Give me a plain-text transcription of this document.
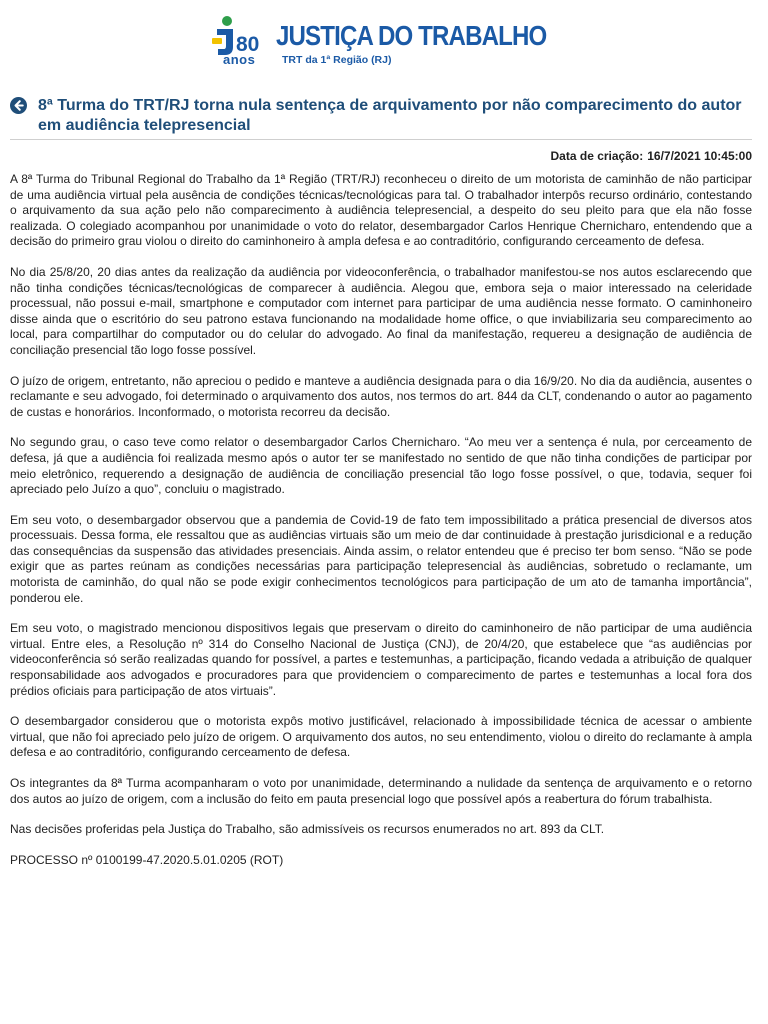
80
anos
JUSTIÇA DO TRABALHO
TRT da 1ª Região (RJ)
8ª Turma do TRT/RJ torna nula sentença de arquivamento por não comparecimento do autor em audiência telepresencial
Data de criação: 16/7/2021 10:45:00

A 8ª Turma do Tribunal Regional do Trabalho da 1ª Região (TRT/RJ) reconheceu o direito de um motorista de caminhão de não participar de uma audiência virtual pela ausência de condições técnicas/tecnológicas para tal. O trabalhador interpôs recurso ordinário, contestando o arquivamento da sua ação pelo não comparecimento à audiência telepresencial, a despeito do seu pleito para que ela não fosse realizada. O colegiado acompanhou por unanimidade o voto do relator, desembargador Carlos Henrique Chernicharo, entendendo que a decisão do primeiro grau violou o direito do caminhoneiro à ampla defesa e ao contraditório, configurando cerceamento de defesa.

No dia 25/8/20, 20 dias antes da realização da audiência por videoconferência, o trabalhador manifestou-se nos autos esclarecendo que não tinha condições técnicas/tecnológicas de comparecer à audiência. Alegou que, embora seja o maior interessado na celeridade processual, não possui e-mail, smartphone e computador com internet para participar de uma audiência nesse formato. O caminhoneiro disse ainda que o escritório do seu patrono estava funcionando na modalidade home office, o que inviabilizaria seu comparecimento ao local, para compartilhar do computador ou do celular do advogado. Ao final da manifestação, requereu a designação de audiência de conciliação presencial tão logo fosse possível.

O juízo de origem, entretanto, não apreciou o pedido e manteve a audiência designada para o dia 16/9/20. No dia da audiência, ausentes o reclamante e seu advogado, foi determinado o arquivamento dos autos, nos termos do art. 844 da CLT, condenando o autor ao pagamento de custas e honorários. Inconformado, o motorista recorreu da decisão.

No segundo grau, o caso teve como relator o desembargador Carlos Chernicharo. “Ao meu ver a sentença é nula, por cerceamento de defesa, já que a audiência foi realizada mesmo após o autor ter se manifestado no sentido de que não tinha condições de participar por meio eletrônico, requerendo a designação de audiência de conciliação presencial tão logo fosse possível, o que, todavia, sequer foi apreciado pelo Juízo a quo”, concluiu o magistrado.

Em seu voto, o desembargador observou que a pandemia de Covid-19 de fato tem impossibilitado a prática presencial de diversos atos processuais. Dessa forma, ele ressaltou que as audiências virtuais são um meio de dar continuidade à prestação jurisdicional e a redução das consequências da suspensão das atividades presenciais. Ainda assim, o relator entendeu que é preciso ter bom senso. “Não se pode exigir que as partes reúnam as condições necessárias para participação telepresencial às audiências, sobretudo o reclamante, um motorista de caminhão, do qual não se pode exigir conhecimentos tecnológicos para participação de um ato de tamanha importância”, ponderou ele.

Em seu voto, o magistrado mencionou dispositivos legais que preservam o direito do caminhoneiro de não participar de uma audiência virtual. Entre eles, a Resolução nº 314 do Conselho Nacional de Justiça (CNJ), de 20/4/20, que estabelece que “as audiências por videoconferência só serão realizadas quando for possível, a partes e testemunhas, a participação, ficando vedada a atribuição de qualquer responsabilidade aos advogados e procuradores para que providenciem o comparecimento de partes e testemunhas a local fora dos prédios oficiais para participação de atos virtuais”.

O desembargador considerou que o motorista expôs motivo justificável, relacionado à impossibilidade técnica de acessar o ambiente virtual, que não foi apreciado pelo juízo de origem. O arquivamento dos autos, no seu entendimento, violou o direito do reclamante à ampla defesa e ao contraditório, configurando cerceamento de defesa.

Os integrantes da 8ª Turma acompanharam o voto por unanimidade, determinando a nulidade da sentença de arquivamento e o retorno dos autos ao juízo de origem, com a inclusão do feito em pauta presencial logo que possível após a reabertura do fórum trabalhista.

Nas decisões proferidas pela Justiça do Trabalho, são admissíveis os recursos enumerados no art. 893 da CLT.

PROCESSO nº 0100199-47.2020.5.01.0205 (ROT)
